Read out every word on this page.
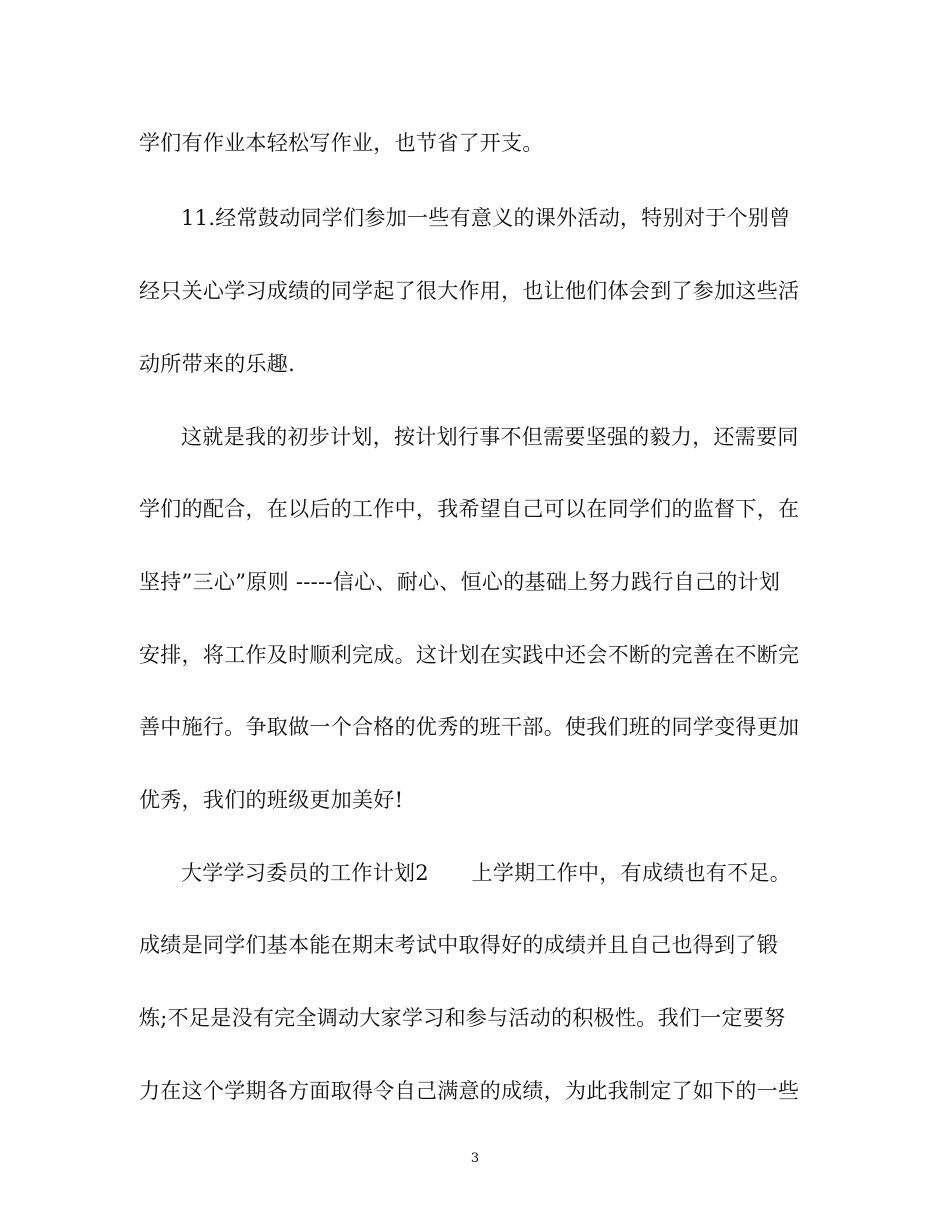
学们有作业本轻松写作业，也节省了开支。
11.经常鼓动同学们参加一些有意义的课外活动，特别对于个别曾
经只关心学习成绩的同学起了很大作用，也让他们体会到了参加这些活
动所带来的乐趣.
这就是我的初步计划，按计划行事不但需要坚强的毅力，还需要同
学们的配合，在以后的工作中，我希望自己可以在同学们的监督下，在
坚持”三心”原则 -----信心、耐心、恒心的基础上努力践行自己的计划
安排，将工作及时顺利完成。这计划在实践中还会不断的完善在不断完
善中施行。争取做一个合格的优秀的班干部。使我们班的同学变得更加
优秀，我们的班级更加美好!
大学学习委员的工作计划2　　上学期工作中，有成绩也有不足。
成绩是同学们基本能在期末考试中取得好的成绩并且自己也得到了锻
炼;不足是没有完全调动大家学习和参与活动的积极性。我们一定要努
力在这个学期各方面取得令自己满意的成绩，为此我制定了如下的一些
3
